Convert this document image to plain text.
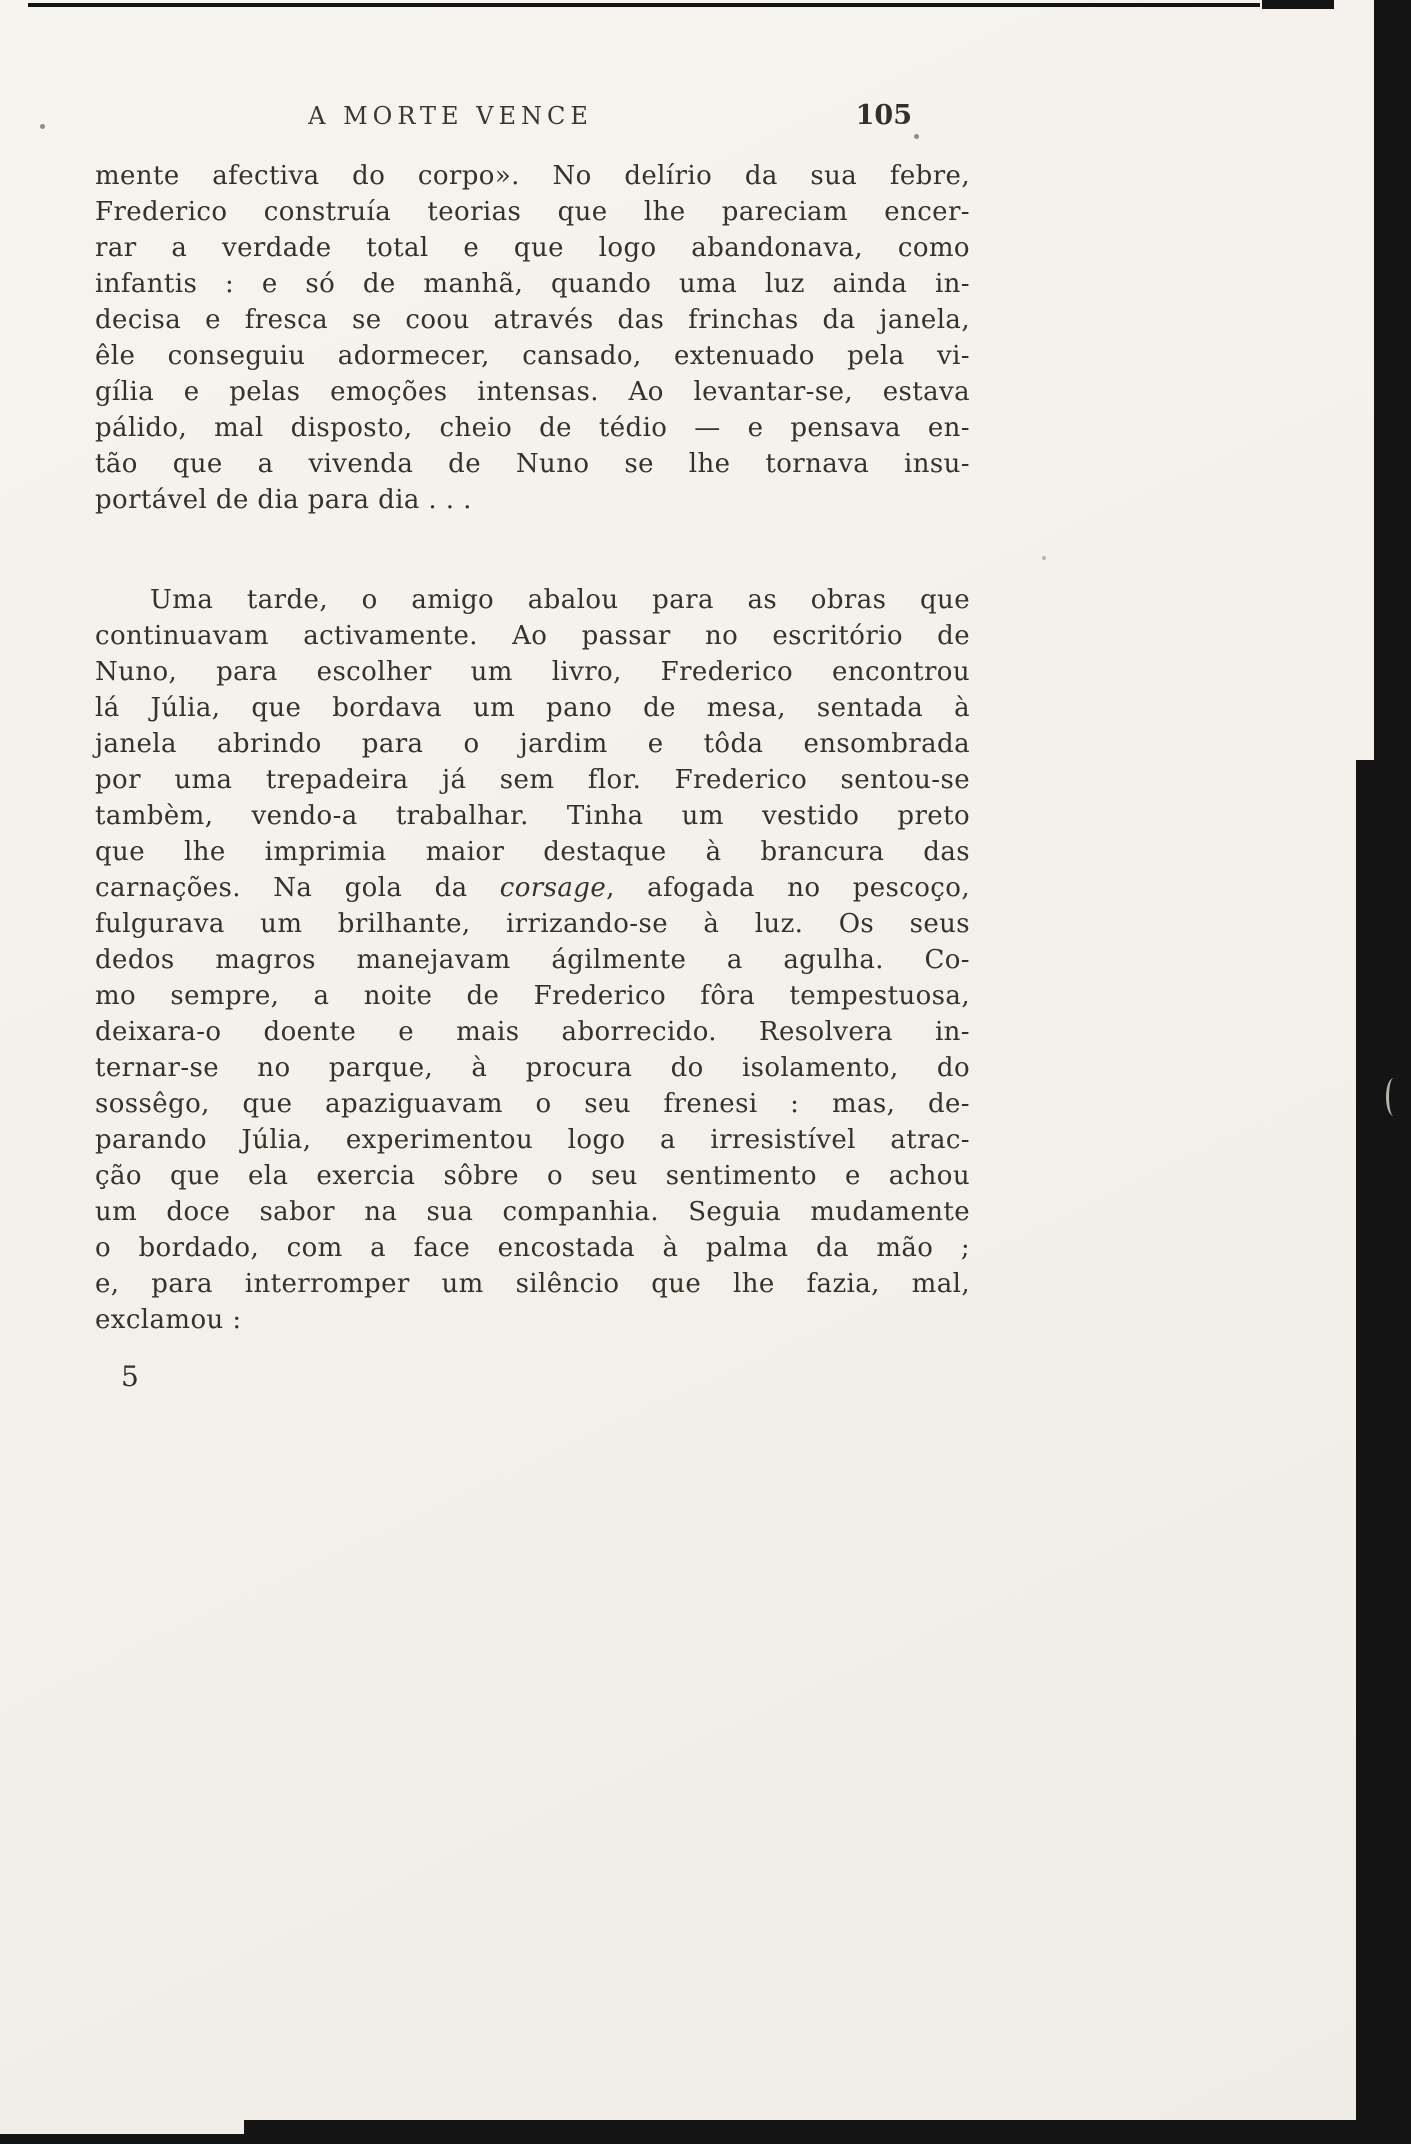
A MORTE VENCE	105

mente afectiva do corpo». No delírio da sua febre,
Frederico construía teorias que lhe pareciam encer-
rar a verdade total e que logo abandonava, como
infantis : e só de manhã, quando uma luz ainda in-
decisa e fresca se coou através das frinchas da janela,
êle conseguiu adormecer, cansado, extenuado pela vi-
gília e pelas emoções intensas. Ao levantar-se, estava
pálido, mal disposto, cheio de tédio — e pensava en-
tão que a vivenda de Nuno se lhe tornava insu-
portável de dia para dia . . .

Uma tarde, o amigo abalou para as obras que
continuavam activamente. Ao passar no escritório de
Nuno, para escolher um livro, Frederico encontrou
lá Júlia, que bordava um pano de mesa, sentada à
janela abrindo para o jardim e tôda ensombrada
por uma trepadeira já sem flor. Frederico sentou-se
tambèm, vendo-a trabalhar. Tinha um vestido preto
que lhe imprimia maior destaque à brancura das
carnações. Na gola da corsage, afogada no pescoço,
fulgurava um brilhante, irrizando-se à luz. Os seus
dedos magros manejavam ágilmente a agulha. Co-
mo sempre, a noite de Frederico fôra tempestuosa,
deixara-o doente e mais aborrecido. Resolvera in-
ternar-se no parque, à procura do isolamento, do
sossêgo, que apaziguavam o seu frenesi : mas, de-
parando Júlia, experimentou logo a irresistível atrac-
ção que ela exercia sôbre o seu sentimento e achou
um doce sabor na sua companhia. Seguia mudamente
o bordado, com a face encostada à palma da mão ;
e, para interromper um silêncio que lhe fazia, mal,
exclamou :

5
